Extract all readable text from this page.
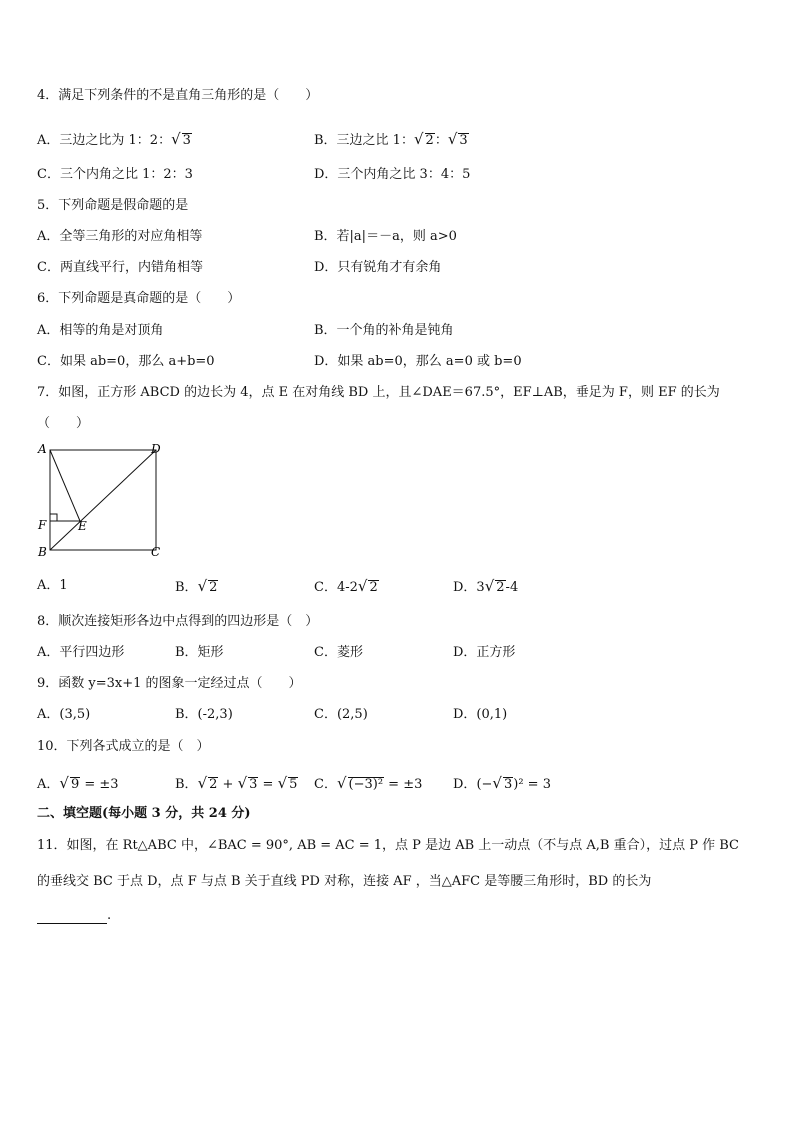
4．满足下列条件的不是直角三角形的是（　　）
A．三边之比为 1：2：√ 3	B．三边之比 1：√ 2：√ 3
C．三个内角之比 1：2：3	D．三个内角之比 3：4：5
5．下列命题是假命题的是
A．全等三角形的对应角相等	B．若|a|＝－a，则 a>0
C．两直线平行，内错角相等	D．只有锐角才有余角
6．下列命题是真命题的是（　　）
A．相等的角是对顶角	B．一个角的补角是钝角
C．如果 ab=0，那么 a+b=0	D．如果 ab=0，那么 a=0 或 b=0
7．如图，正方形 ABCD 的边长为 4，点 E 在对角线 BD 上，且∠DAE＝67.5°，EF⊥AB，垂足为 F，则 EF 的长为
（　　）
A	D
F	E
B	C
A．1	B．√ 2	C．4-2√ 2	D．3√ 2-4
8．顺次连接矩形各边中点得到的四边形是（　）
A．平行四边形	B．矩形	C．菱形	D．正方形
9．函数 y=3x+1 的图象一定经过点（　　）
A．(3,5)	B．(-2,3)	C．(2,5)	D．(0,1)
10．下列各式成立的是（　）
A．√ 9 = ±3	B．√ 2 + √ 3 = √ 5 C．√ (−3)² = ±3 D．(−√ 3)² = 3
二、填空题(每小题 3 分，共 24 分)
11．如图，在 Rt△ABC 中，∠BAC = 90°, AB = AC = 1，点 P 是边 AB 上一动点（不与点 A,B 重合），过点 P 作 BC
的垂线交 BC 于点 D，点 F 与点 B 关于直线 PD 对称，连接 AF ，当△AFC 是等腰三角形时，BD 的长为
.
